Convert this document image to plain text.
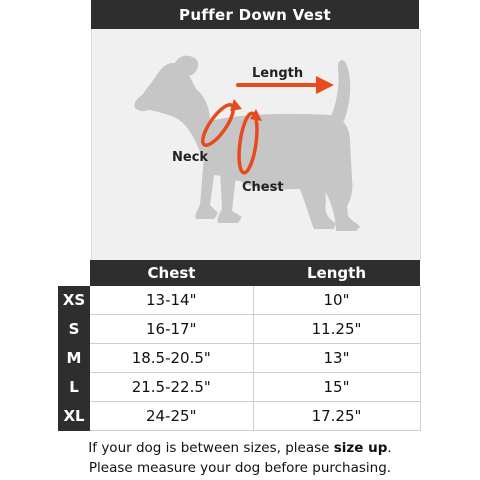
Puffer Down Vest
Length
Neck
Chest
	Chest	Length
XS	13-14"	10"
S	16-17"	11.25"
M	18.5-20.5"	13"
L	21.5-22.5"	15"
XL	24-25"	17.25"
If your dog is between sizes, please size up.
Please measure your dog before purchasing.
